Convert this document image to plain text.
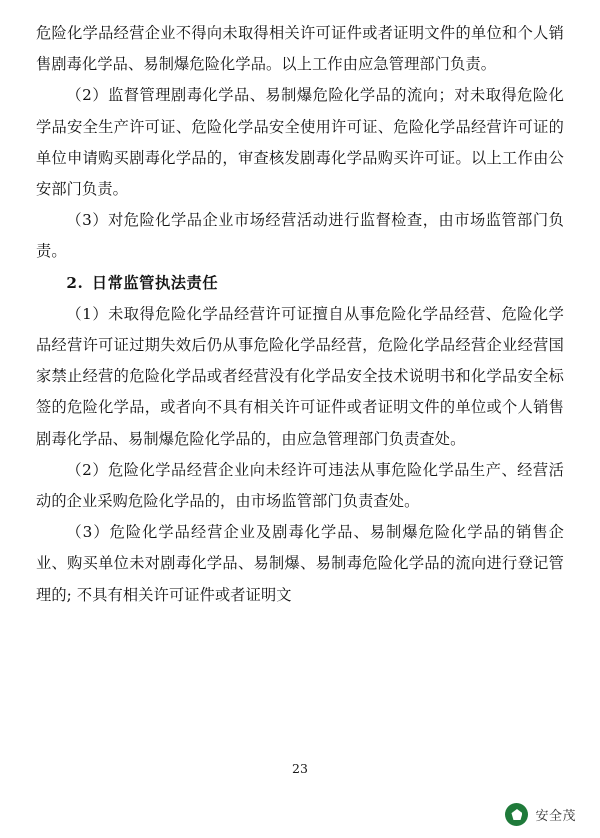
危险化学品经营企业不得向未取得相关许可证件或者证明文件的单位和个人销售剧毒化学品、易制爆危险化学品。以上工作由应急管理部门负责。

（2）监督管理剧毒化学品、易制爆危险化学品的流向；对未取得危险化学品安全生产许可证、危险化学品安全使用许可证、危险化学品经营许可证的单位申请购买剧毒化学品的，审查核发剧毒化学品购买许可证。以上工作由公安部门负责。

（3）对危险化学品企业市场经营活动进行监督检查，由市场监管部门负责。

2. 日常监管执法责任

（1）未取得危险化学品经营许可证擅自从事危险化学品经营、危险化学品经营许可证过期失效后仍从事危险化学品经营，危险化学品经营企业经营国家禁止经营的危险化学品或者经营没有化学品安全技术说明书和化学品安全标签的危险化学品，或者向不具有相关许可证件或者证明文件的单位或个人销售剧毒化学品、易制爆危险化学品的，由应急管理部门负责查处。

（2）危险化学品经营企业向未经许可违法从事危险化学品生产、经营活动的企业采购危险化学品的，由市场监管部门负责查处。

（3）危险化学品经营企业及剧毒化学品、易制爆危险化学品的销售企业、购买单位未对剧毒化学品、易制爆、易制毒危险化学品的流向进行登记管理的; 不具有相关许可证件或者证明文

23
安全茂
